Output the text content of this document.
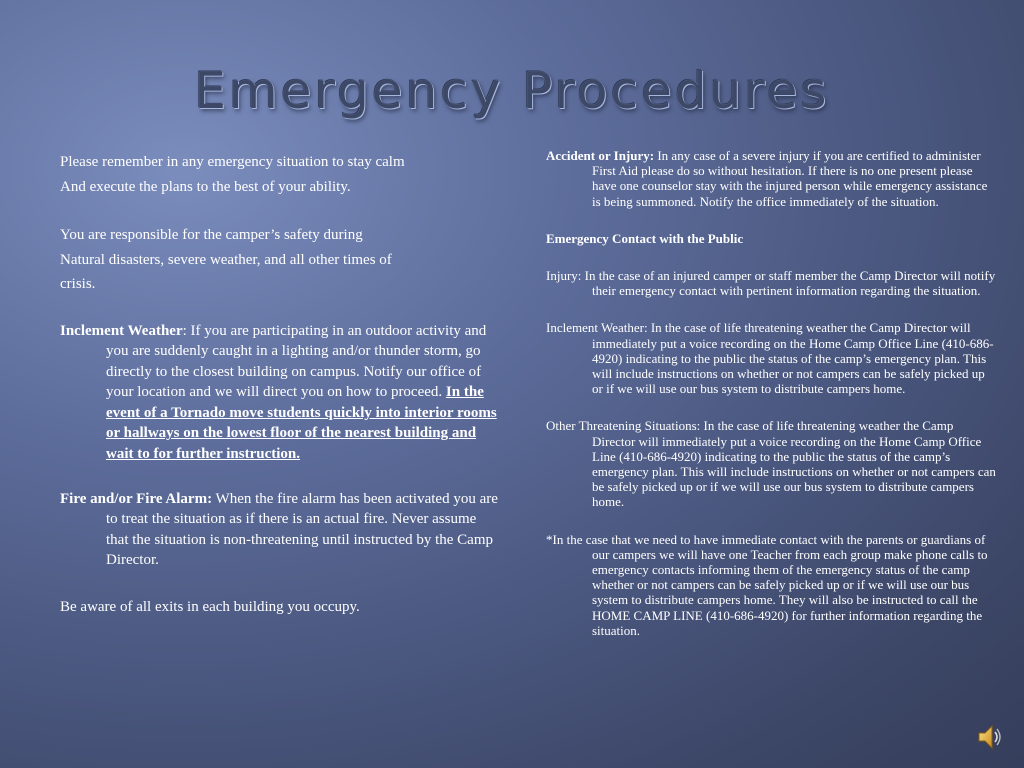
Emergency Procedures

Please remember in any emergency situation to stay calm

And execute the plans to the best of your ability.

You are responsible for the camper’s safety during

Natural disasters, severe weather, and all other times of

crisis.

Inclement Weather: If you are participating in an outdoor activity and you are suddenly caught in a lighting and/or thunder storm, go directly to the closest building on campus. Notify our office of your location and we will direct you on how to proceed. In the event of a Tornado move students quickly into interior rooms or hallways on the lowest floor of the nearest building and wait to for further instruction.

Fire and/or Fire Alarm: When the fire alarm has been activated you are to treat the situation as if there is an actual fire. Never assume that the situation is non-threatening until instructed by the Camp Director.

Be aware of all exits in each building you occupy.

Accident or Injury: In any case of a severe injury if you are certified to administer First Aid please do so without hesitation. If there is no one present please have one counselor stay with the injured person while emergency assistance is being summoned. Notify the office immediately of the situation.

Emergency Contact with the Public

Injury: In the case of an injured camper or staff member the Camp Director will notify their emergency contact with pertinent information regarding the situation.

Inclement Weather: In the case of life threatening weather the Camp Director will immediately put a voice recording on the Home Camp Office Line (410-686-4920) indicating to the public the status of the camp’s emergency plan. This will include instructions on whether or not campers can be safely picked up or if we will use our bus system to distribute campers home.

Other Threatening Situations: In the case of life threatening weather the Camp Director will immediately put a voice recording on the Home Camp Office Line (410-686-4920) indicating to the public the status of the camp’s emergency plan. This will include instructions on whether or not campers can be safely picked up or if we will use our bus system to distribute campers home.

*In the case that we need to have immediate contact with the parents or guardians of our campers we will have one Teacher from each group make phone calls to emergency contacts informing them of the emergency status of the camp whether or not campers can be safely picked up or if we will use our bus system to distribute campers home. They will also be instructed to call the HOME CAMP LINE (410-686-4920) for further information regarding the situation.
